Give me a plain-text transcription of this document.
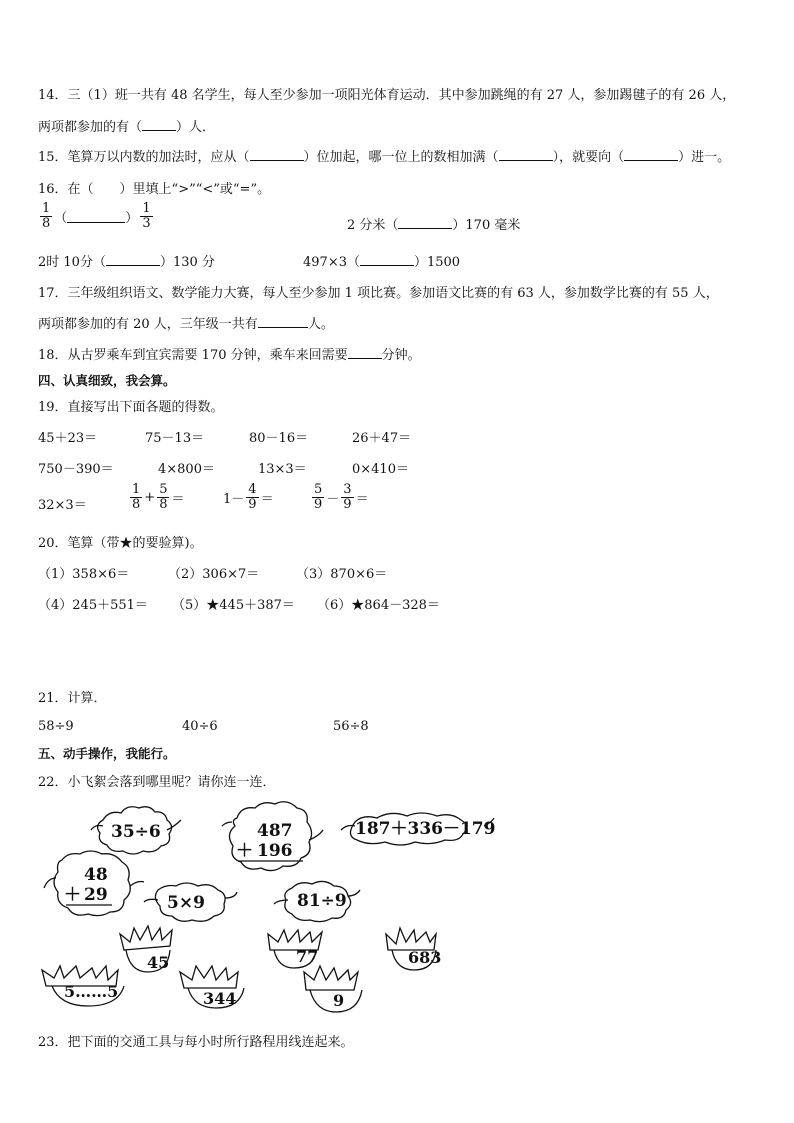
14．三（1）班一共有 48 名学生，每人至少参加一项阳光体育运动．其中参加跳绳的有 27 人，参加踢毽子的有 26 人，
两项都参加的有（	）人．
15．笔算万以内数的加法时，应从（	）位加起，哪一位上的数相加满（	），就要向（	）进一。
16．在（　　）里填上“>”“<”或“=”。
$\frac{1}{8}$ （	） $\frac{1}{3}$	2 分米（	）170 毫米
2时 10分（	）130 分	497×3（	）1500
17．三年级组织语文、数学能力大赛，每人至少参加 1 项比赛。参加语文比赛的有 63 人，参加数学比赛的有 55 人，
两项都参加的有 20 人，三年级一共有	人。
18．从古罗乘车到宜宾需要 170 分钟，乘车来回需要	分钟。
四、认真细致，我会算。
19．直接写出下面各题的得数。
45＋23＝	75－13＝	80－16＝	26＋47＝
750－390＝	4×800＝	13×3＝	0×410＝
32×3＝	$\frac{1}{8} + \frac{5}{8}$ ＝	$1- \frac{4}{9}$ ＝	$\frac{5}{9} - \frac{3}{9}$ ＝
20．笔算（带★的要验算)。
（1）358×6＝	（2）306×7＝	（3）870×6＝
（4）245＋551＝ （5）★445＋387＝ （6）★864－328＝
21．计算．
58÷9	40÷6	56÷8
五、动手操作，我能行。
22．小飞絮会落到哪里呢？请你连一连．
35÷6	487
＋ 196
187＋336－179
48
＋ 29	5×9	81÷9
45	77	683
5……5	344	9
23．把下面的交通工具与每小时所行路程用线连起来。
